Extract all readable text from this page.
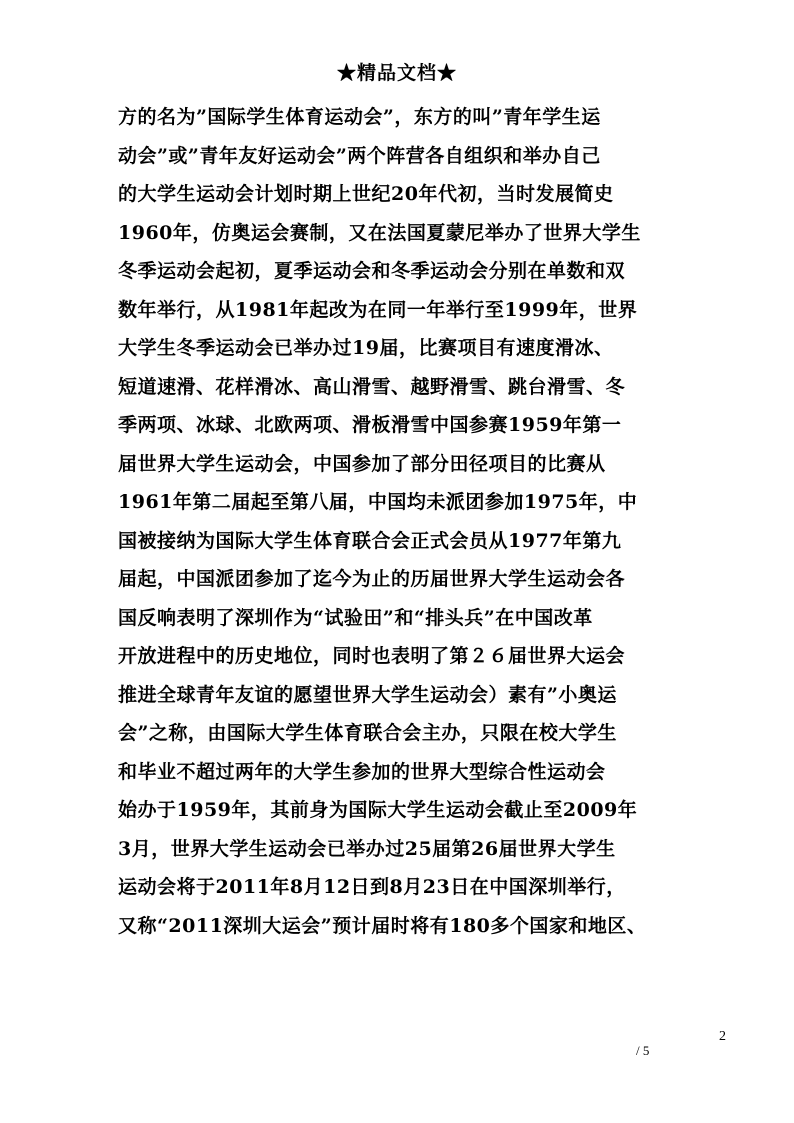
★精品文档★
方的名为”国际学生体育运动会”，东方的叫”青年学生运
动会”或”青年友好运动会”两个阵营各自组织和举办自己
的大学生运动会计划时期上世纪20年代初，当时发展简史
1960年，仿奥运会赛制，又在法国夏蒙尼举办了世界大学生
冬季运动会起初，夏季运动会和冬季运动会分别在单数和双
数年举行，从1981年起改为在同一年举行至1999年，世界
大学生冬季运动会已举办过19届，比赛项目有速度滑冰、
短道速滑、花样滑冰、高山滑雪、越野滑雪、跳台滑雪、冬
季两项、冰球、北欧两项、滑板滑雪中国参赛1959年第一
届世界大学生运动会，中国参加了部分田径项目的比赛从
1961年第二届起至第八届，中国均未派团参加1975年，中
国被接纳为国际大学生体育联合会正式会员从1977年第九
届起，中国派团参加了迄今为止的历届世界大学生运动会各
国反响表明了深圳作为“试验田”和“排头兵”在中国改革
开放进程中的历史地位，同时也表明了第２６届世界大运会
推进全球青年友谊的愿望世界大学生运动会）素有”小奥运
会”之称，由国际大学生体育联合会主办，只限在校大学生
和毕业不超过两年的大学生参加的世界大型综合性运动会
始办于1959年，其前身为国际大学生运动会截止至2009年
3月，世界大学生运动会已举办过25届第26届世界大学生
运动会将于2011年8月12日到8月23日在中国深圳举行，
又称“2011深圳大运会”预计届时将有180多个国家和地区、
2
/ 5
